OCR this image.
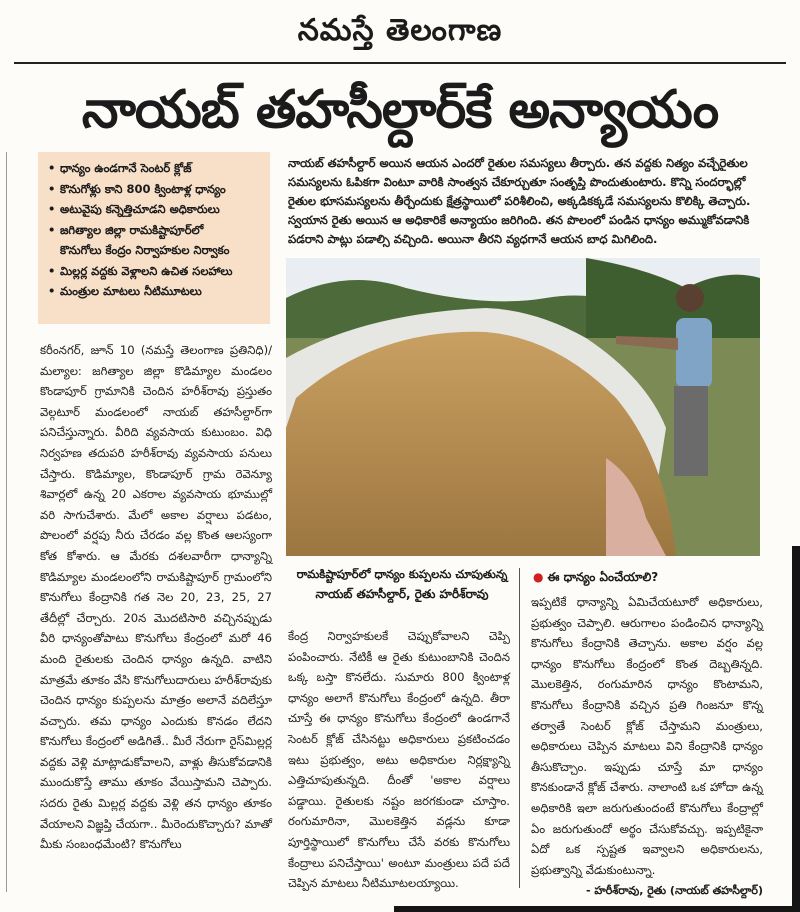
నమస్తే తెలంగాణ
నాయబ్ తహసీల్దార్‌కే అన్యాయం
• ధాన్యం ఉండగానే సెంటర్ క్లోజ్
• కొనుగోళ్లు కాని 800 క్వింటాళ్ల ధాన్యం
• అటువైపు కన్నెత్తిచూడని అధికారులు
• జగిత్యాల జిల్లా రామకిష్టాపూర్‌లో
కొనుగోలు కేంద్రం నిర్వాహకుల నిర్వాకం
• మిల్లర్ల వద్దకు వెళ్లాలని ఉచిత సలహాలు
• మంత్రుల మాటలు నీటిమూటలు

నాయబ్ తహసీల్దార్ అయిన ఆయన ఎందరో రైతుల సమస్యలు తీర్చారు. తన వద్దకు నిత్యం వచ్చేరైతుల సమస్యలను ఓపికగా వింటూ వారికి సాంత్వన చేకూర్చుతూ సంతృప్తి పొందుతుంటారు. కొన్ని సందర్భాల్లో రైతుల భూసమస్యలను తీర్చేందుకు క్షేత్రస్థాయిలో పరిశీలించి, అక్కడికక్కడే సమస్యలను కొలిక్కి తెచ్చారు. స్వయాన రైతు అయిన ఆ అధికారికే అన్యాయం జరిగింది. తన పొలంలో పండిన ధాన్యం అమ్ముకోవడానికి పడరాని పాట్లు పడాల్సి వచ్చింది. అయినా తీరని వ్యధగానే ఆయన బాధ మిగిలింది.

రామకిష్టాపూర్‌లో ధాన్యం కుప్పలను చూపుతున్న
నాయబ్ తహసీల్దార్, రైతు హరీశ్‌రావు

కరీంనగర్, జూన్ 10 (నమస్తే తెలంగాణ ప్రతినిధి)/మల్యాల: జగిత్యాల జిల్లా కొడిమ్యాల మండలం కొండాపూర్ గ్రామానికి చెందిన హరీశ్‌రావు ప్రస్తుతం వెల్గటూర్ మండలంలో నాయబ్ తహసీల్దార్‌గా పనిచేస్తున్నారు. వీరిది వ్యవసాయ కుటుంబం. విధి నిర్వహణ తదుపరి హరీశ్‌రావు వ్యవసాయ పనులు చేస్తారు. కొడిమ్యాల, కొండాపూర్ గ్రామ రెవెన్యూ శివార్లలో ఉన్న 20 ఎకరాల వ్యవసాయ భూముల్లో వరి సాగుచేశారు. మేలో అకాల వర్షాలు పడటం, పొలంలో వర్షపు నీరు చేరడం వల్ల కొంత ఆలస్యంగా కోత కోశారు. ఆ మేరకు దశలవారీగా ధాన్యాన్ని కొడిమ్యాల మండలంలోని రామకిష్టాపూర్ గ్రామంలోని కొనుగోలు కేంద్రానికి గత నెల 20, 23, 25, 27 తేదీల్లో చేర్చారు. 20న మొదటిసారి వచ్చినప్పుడు వీరి ధాన్యంతోపాటు కొనుగోలు కేంద్రంలో మరో 46 మంది రైతులకు చెందిన ధాన్యం ఉన్నది. వాటిని మాత్రమే తూకం వేసి కొనుగోలుదారులు హరీశ్‌రావుకు చెందిన ధాన్యం కుప్పలను మాత్రం అలానే వదిలేస్తూ వచ్చారు. తమ ధాన్యం ఎందుకు కొనడం లేదని కొనుగోలు కేంద్రంలో అడిగితే.. మీరే నేరుగా రైస్‌మిల్లర్ల వద్దకు వెళ్లి మాట్లాడుకోవాలని, వాళ్లు తీసుకోవడానికి ముందుకొస్తే తాము తూకం వేయిస్తామని చెప్పారు. సదరు రైతు మిల్లర్ల వద్దకు వెళ్లి తన ధాన్యం తూకం వేయాలని విజ్ఞప్తి చేయగా.. మీరెందుకొచ్చారు? మాతో మీకు సంబంధమేంటి? కొనుగోలు

కేంద్ర నిర్వాహకులకే చెప్పుకోవాలని చెప్పి పంపించారు. నేటికీ ఆ రైతు కుటుంబానికి చెందిన ఒక్క బస్తా కొనలేదు. సుమారు 800 క్వింటాళ్ల ధాన్యం అలాగే కొనుగోలు కేంద్రంలో ఉన్నది. తీరా చూస్తే ఈ ధాన్యం కొనుగోలు కేంద్రంలో ఉండగానే సెంటర్ క్లోజ్ చేసినట్టు అధికారులు ప్రకటించడం ఇటు ప్రభుత్వం, అటు అధికారుల నిర్లక్ష్యాన్ని ఎత్తిచూపుతున్నది. దీంతో 'అకాల వర్షాలు పడ్డాయి. రైతులకు నష్టం జరగకుండా చూస్తాం. రంగుమారినా, మొలకెత్తిన వడ్లను కూడా పూర్తిస్థాయిలో కొనుగోలు చేసే వరకు కొనుగోలు కేంద్రాలు పనిచేస్తాయి' అంటూ మంత్రులు పదే పదే చెప్పిన మాటలు నీటిమూటలయ్యాయి.

● ఈ ధాన్యం ఏంచేయాలి?
ఇప్పటికే ధాన్యాన్ని ఏమిచేయటూరో అధికారులు, ప్రభుత్వం చెప్పాలి. ఆరుగాలం పండించిన ధాన్యాన్ని కొనుగోలు కేంద్రానికి తెచ్చాను. అకాల వర్షం వల్ల ధాన్యం కొనుగోలు కేంద్రంలో కొంత దెబ్బతిన్నది. మొలకెత్తిన, రంగుమారిన ధాన్యం కొంటామని, కొనుగోలు కేంద్రానికి వచ్చిన ప్రతి గింజనూ కొన్న తర్వాతే సెంటర్ క్లోజ్ చేస్తామని మంత్రులు, అధికారులు చెప్పిన మాటలు విని కేంద్రానికి ధాన్యం తీసుకొచ్చాం. ఇప్పుడు చూస్తే మా ధాన్యం కొనకుండానే క్లోజ్ చేశారు. నాలాంటి ఒక హోదా ఉన్న అధికారికి ఇలా జరుగుతుందంటే కొనుగోలు కేంద్రాల్లో ఏం జరుగుతుందో అర్థం చేసుకోవచ్చు. ఇప్పటికైనా ఏదో ఒక స్పష్టత ఇవ్వాలని అధికారులను, ప్రభుత్వాన్ని వేడుకుంటున్నా.
- హరీశ్‌రావు, రైతు (నాయబ్ తహసీల్దార్)
